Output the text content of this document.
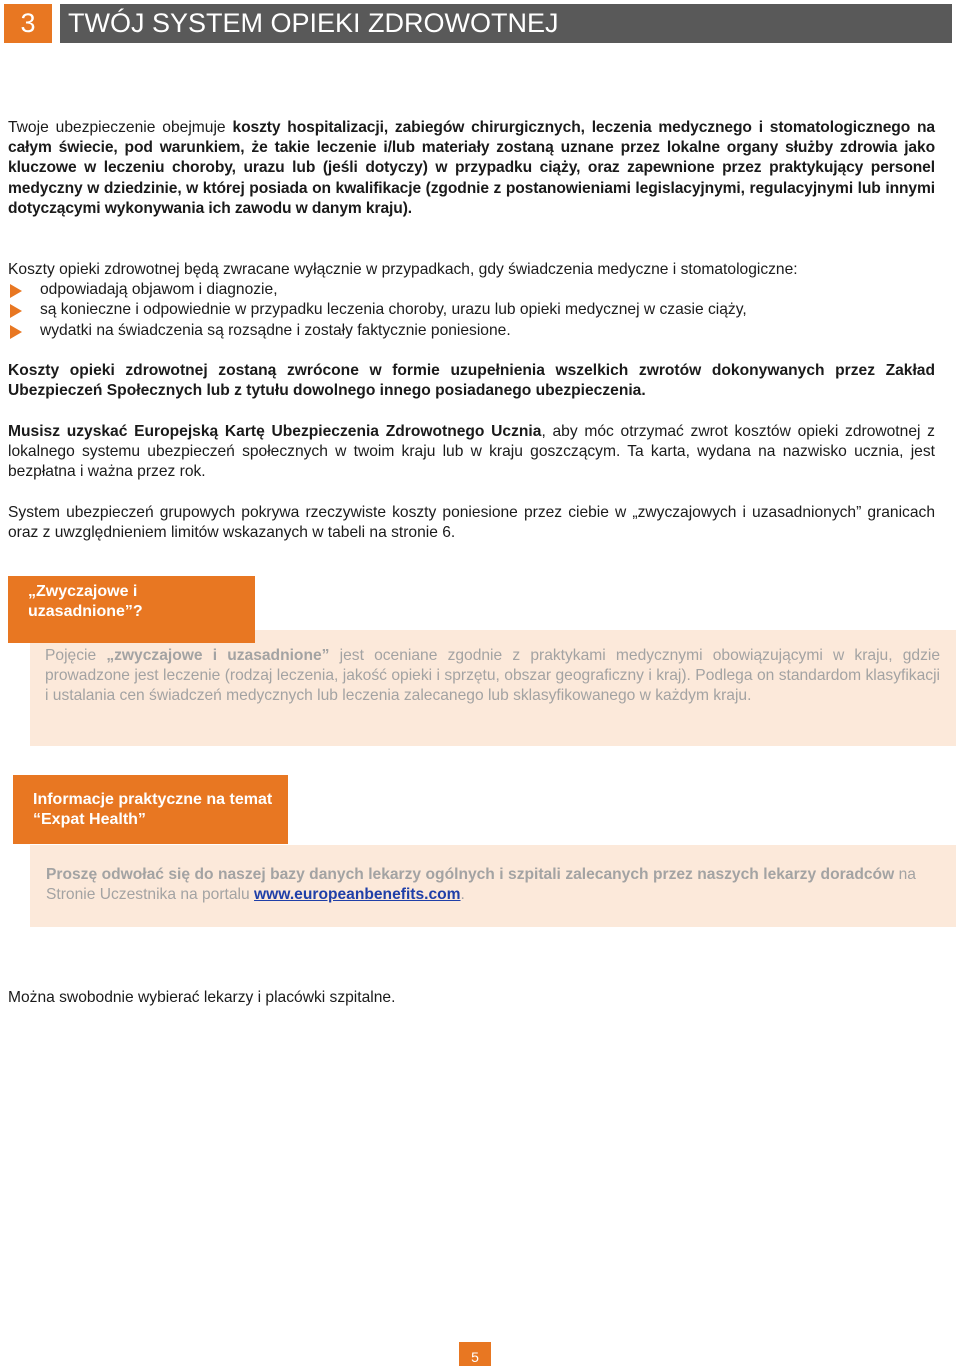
3	TWÓJ SYSTEM OPIEKI ZDROWOTNEJ

Twoje ubezpieczenie obejmuje koszty hospitalizacji, zabiegów chirurgicznych, leczenia medycznego i stomatologicznego na całym świecie, pod warunkiem, że takie leczenie i/lub materiały zostaną uznane przez lokalne organy służby zdrowia jako kluczowe w leczeniu choroby, urazu lub (jeśli dotyczy) w przypadku ciąży, oraz zapewnione przez praktykujący personel medyczny w dziedzinie, w której posiada on kwalifikacje (zgodnie z postanowieniami legislacyjnymi, regulacyjnymi lub innymi dotyczącymi wykonywania ich zawodu w danym kraju).

Koszty opieki zdrowotnej będą zwracane wyłącznie w przypadkach, gdy świadczenia medyczne i stomatologiczne:
odpowiadają objawom i diagnozie,
są konieczne i odpowiednie w przypadku leczenia choroby, urazu lub opieki medycznej w czasie ciąży,
wydatki na świadczenia są rozsądne i zostały faktycznie poniesione.

Koszty opieki zdrowotnej zostaną zwrócone w formie uzupełnienia wszelkich zwrotów dokonywanych przez Zakład Ubezpieczeń Społecznych lub z tytułu dowolnego innego posiadanego ubezpieczenia.

Musisz uzyskać Europejską Kartę Ubezpieczenia Zdrowotnego Ucznia, aby móc otrzymać zwrot kosztów opieki zdrowotnej z lokalnego systemu ubezpieczeń społecznych w twoim kraju lub w kraju goszczącym. Ta karta, wydana na nazwisko ucznia, jest bezpłatna i ważna przez rok.

System ubezpieczeń grupowych pokrywa rzeczywiste koszty poniesione przez ciebie w „zwyczajowych i uzasadnionych” granicach oraz z uwzględnieniem limitów wskazanych w tabeli na stronie 6.

Pojęcie „zwyczajowe i uzasadnione” jest oceniane zgodnie z praktykami medycznymi obowiązującymi w kraju, gdzie prowadzone jest leczenie (rodzaj leczenia, jakość opieki i sprzętu, obszar geograficzny i kraj). Podlega on standardom klasyfikacji i ustalania cen świadczeń medycznych lub leczenia zalecanego lub sklasyfikowanego w każdym kraju.
„Zwyczajowe i uzasadnione”?
Informacje praktyczne na temat “Expat Health”
Proszę odwołać się do naszej bazy danych lekarzy ogólnych i szpitali zalecanych przez naszych lekarzy doradców na Stronie Uczestnika na portalu www.europeanbenefits.com.

Można swobodnie wybierać lekarzy i placówki szpitalne.

5
